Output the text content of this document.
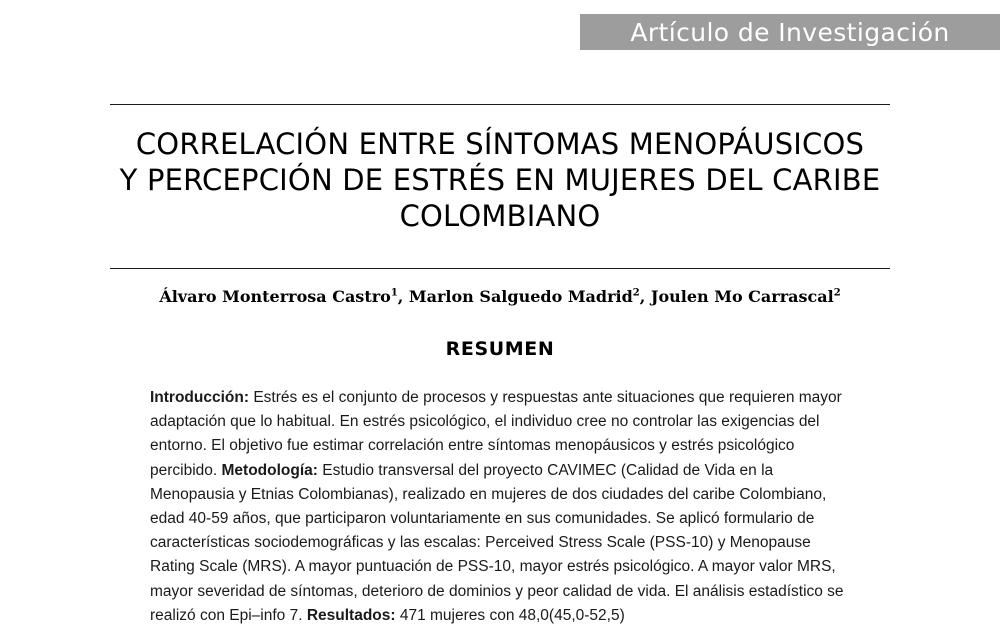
Artículo de Investigación
CORRELACIÓN ENTRE SÍNTOMAS MENOPÁUSICOS
Y PERCEPCIÓN DE ESTRÉS EN MUJERES DEL CARIBE
COLOMBIANO
Álvaro Monterrosa Castro$^1$, Marlon Salguedo Madrid$^2$, Joulen Mo Carrascal$^2$
RESUMEN
Introducción: Estrés es el conjunto de procesos y respuestas ante situaciones que requieren mayor adaptación que lo habitual. En estrés psicológico, el individuo cree no controlar las exigencias del entorno. El objetivo fue estimar correlación entre síntomas menopáusicos y estrés psicológico percibido. Metodología: Estudio transversal del proyecto CAVIMEC (Calidad de Vida en la Menopausia y Etnias Colombianas), realizado en mujeres de dos ciudades del caribe Colombiano, edad 40-59 años, que participaron voluntariamente en sus comunidades. Se aplicó formulario de características sociodemográficas y las escalas: Perceived Stress Scale (PSS-10) y Menopause Rating Scale (MRS). A mayor puntuación de PSS-10, mayor estrés psicológico. A mayor valor MRS, mayor severidad de síntomas, deterioro de dominios y peor calidad de vida. El análisis estadístico se realizó con Epi–info 7. Resultados: 471 mujeres con 48,0(45,0-52,5)
